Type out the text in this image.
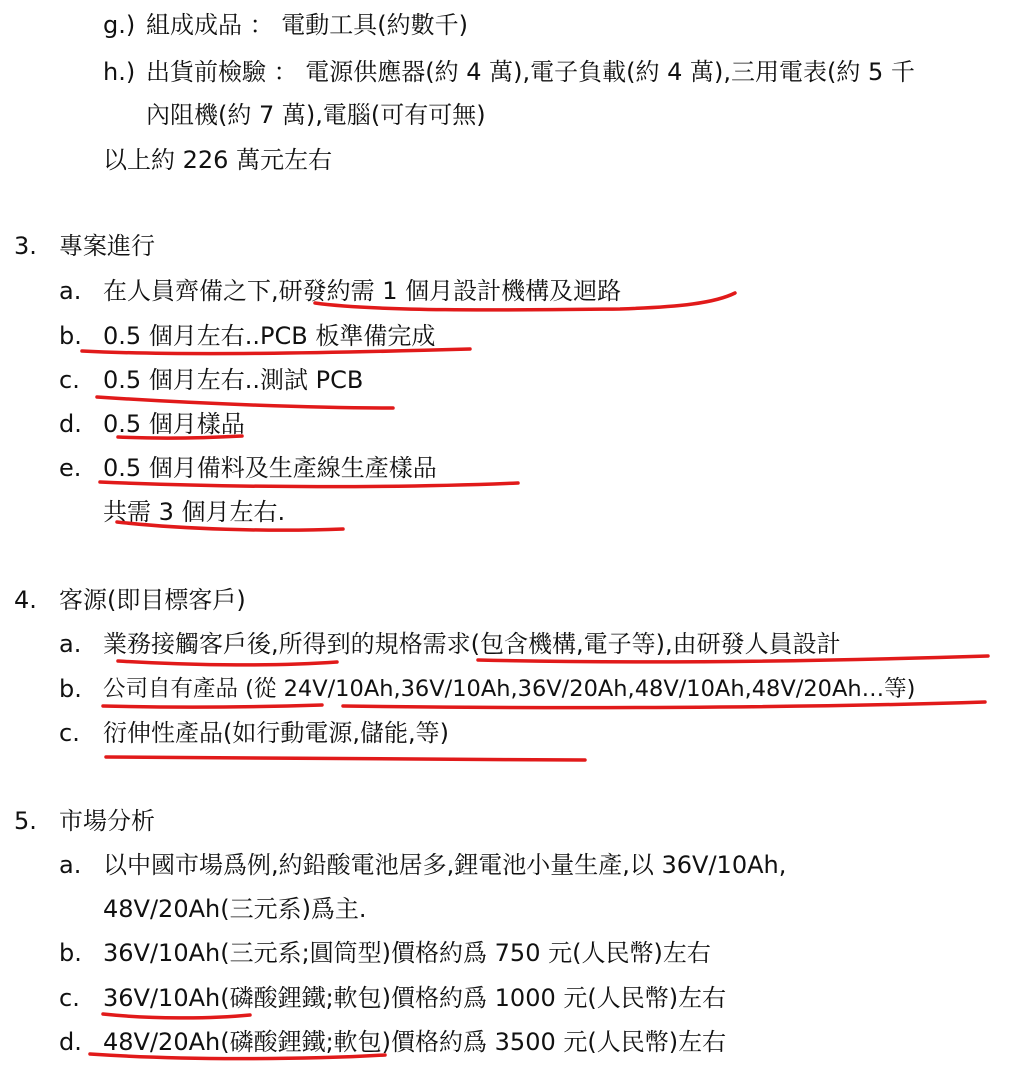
g.) 組成成品 ： 電動工具(約數千)
h.) 出貨前檢驗 ： 電源供應器(約 4 萬),電子負載(約 4 萬),三用電表(約 5 千
內阻機(約 7 萬),電腦(可有可無)
以上約 226 萬元左右
3. 專案進行
a. 在人員齊備之下,研發約需 1 個月設計機構及迴路
b. 0.5 個月左右..PCB 板準備完成
c. 0.5 個月左右..測試 PCB
d. 0.5 個月樣品
e. 0.5 個月備料及生產線生產樣品
共需 3 個月左右.
4. 客源(即目標客戶)
a. 業務接觸客戶後,所得到的規格需求(包含機構,電子等),由研發人員設計
b. 公司自有產品 (從 24V/10Ah,36V/10Ah,36V/20Ah,48V/10Ah,48V/20Ah…等)
c. 衍伸性產品(如行動電源,儲能,等)
5. 市場分析
a. 以中國市場爲例,約鉛酸電池居多,鋰電池小量生產,以 36V/10Ah,
48V/20Ah(三元系)爲主.
b. 36V/10Ah(三元系;圓筒型)價格約爲 750 元(人民幣)左右
c. 36V/10Ah(磷酸鋰鐵;軟包)價格約爲 1000 元(人民幣)左右
d. 48V/20Ah(磷酸鋰鐵;軟包)價格約爲 3500 元(人民幣)左右
